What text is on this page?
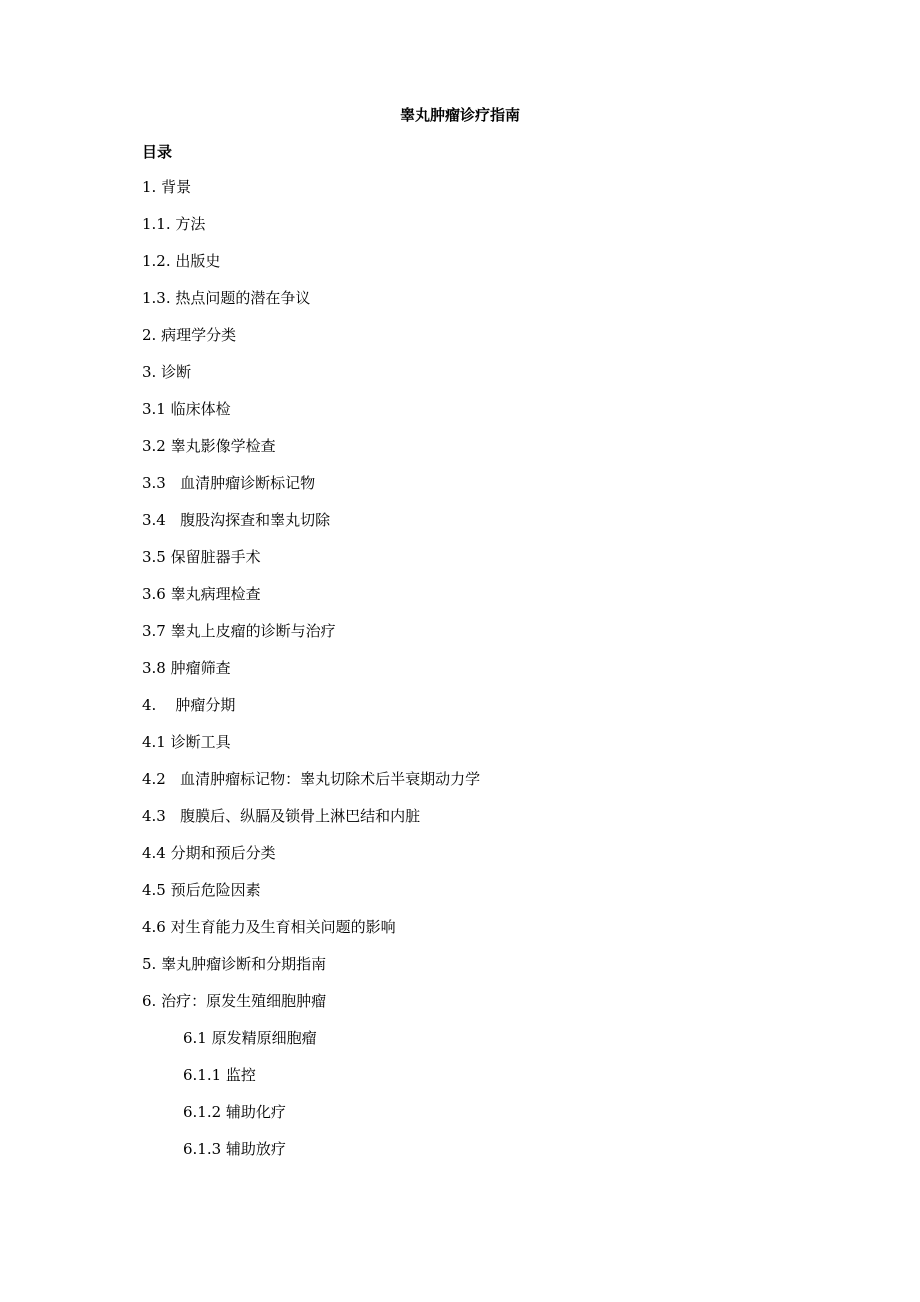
睾丸肿瘤诊疗指南
目录
1. 背景
1.1. 方法
1.2. 出版史
1.3. 热点问题的潜在争议
2. 病理学分类
3. 诊断
3.1 临床体检
3.2 睾丸影像学检查
3.3   血清肿瘤诊断标记物
3.4   腹股沟探查和睾丸切除
3.5 保留脏器手术
3.6 睾丸病理检查
3.7 睾丸上皮瘤的诊断与治疗
3.8 肿瘤筛查
4.    肿瘤分期
4.1 诊断工具
4.2   血清肿瘤标记物：睾丸切除术后半衰期动力学
4.3   腹膜后、纵膈及锁骨上淋巴结和内脏
4.4 分期和预后分类
4.5 预后危险因素
4.6 对生育能力及生育相关问题的影响
5. 睾丸肿瘤诊断和分期指南
6. 治疗：原发生殖细胞肿瘤
6.1 原发精原细胞瘤
6.1.1 监控
6.1.2 辅助化疗
6.1.3 辅助放疗
